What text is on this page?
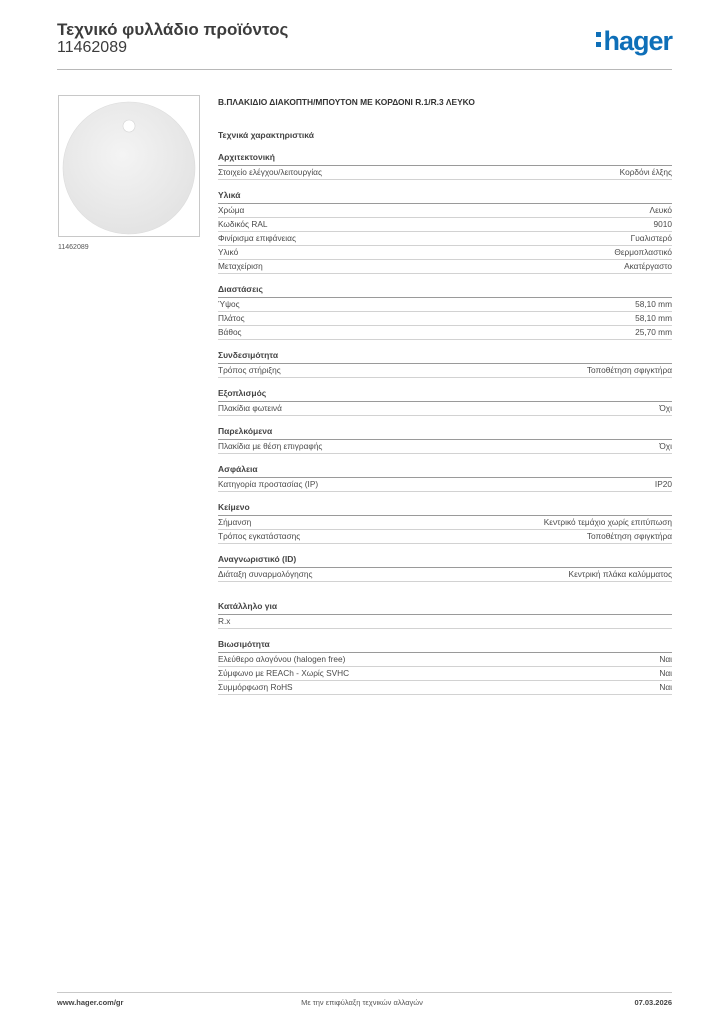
Τεχνικό φυλλάδιο προϊόντος
11462089	hager
11462089
Β.ΠΛΑΚΙΔΙΟ ΔΙΑΚΟΠΤΗ/ΜΠΟΥΤΟΝ ΜΕ ΚΟΡΔΟΝΙ R.1/R.3 ΛΕΥΚΟ
Τεχνικά χαρακτηριστικά
Αρχιτεκτονική
Στοιχείο ελέγχου/λειτουργίας	Κορδόνι έλξης
Υλικά
Χρώμα	Λευκό
Κωδικός RAL	9010
Φινίρισμα επιφάνειας	Γυαλιστερό
Υλικό	Θερμοπλαστικό
Μεταχείριση	Ακατέργαστο
Διαστάσεις
Ύψος	58,10 mm
Πλάτος	58,10 mm
Βάθος	25,70 mm
Συνδεσιμότητα
Τρόπος στήριξης	Τοποθέτηση σφιγκτήρα
Εξοπλισμός
Πλακίδια φωτεινά	Όχι
Παρελκόμενα
Πλακίδια με θέση επιγραφής	Όχι
Ασφάλεια
Κατηγορία προστασίας (IP)	IP20
Κείμενο
Σήμανση	Κεντρικό τεμάχιο χωρίς επιτύπωση
Τρόπος εγκατάστασης	Τοποθέτηση σφιγκτήρα
Αναγνωριστικό (ID)
Διάταξη συναρμολόγησης	Κεντρική πλάκα καλύμματος
Κατάλληλο για
R.x
Βιωσιμότητα
Ελεύθερο αλογόνου (halogen free)	Ναι
Σύμφωνο με REACh - Χωρίς SVHC	Ναι
Συμμόρφωση RoHS	Ναι
www.hager.com/gr	Με την επιφύλαξη τεχνικών αλλαγών	07.03.2026
